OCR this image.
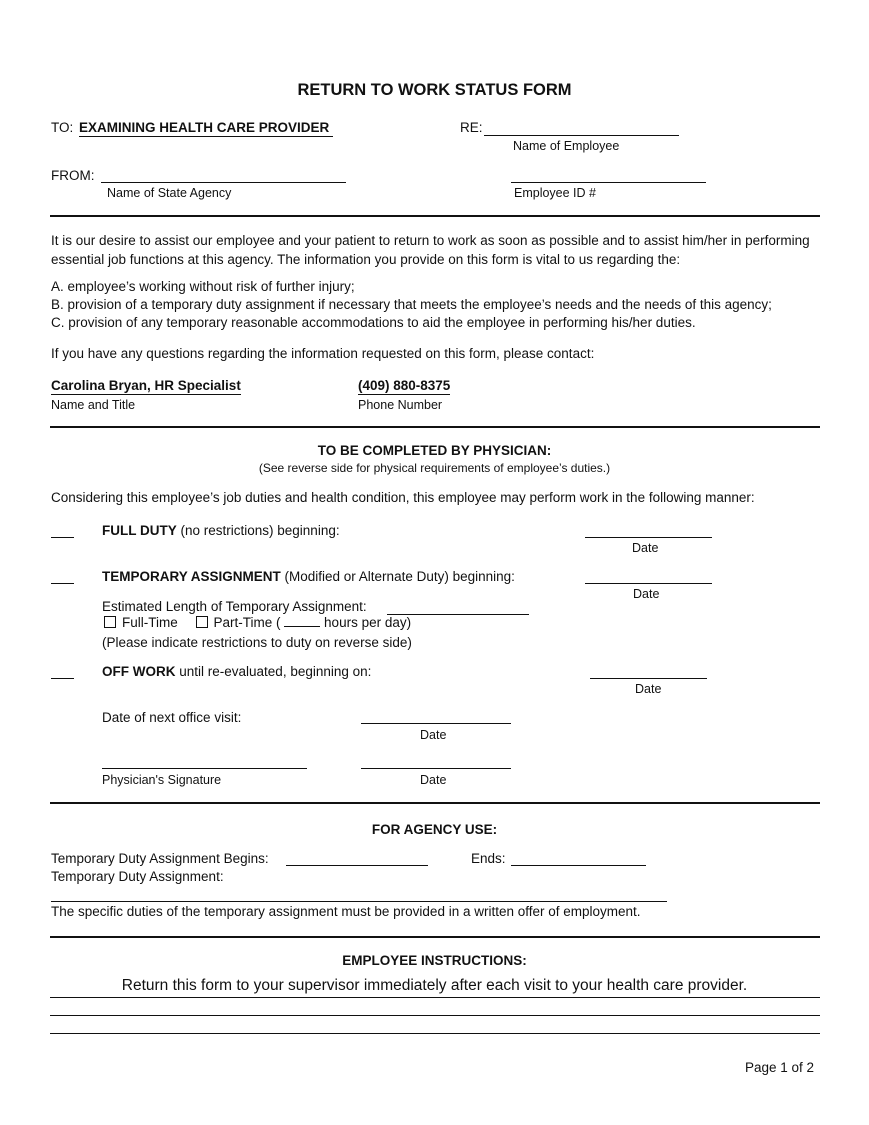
RETURN TO WORK STATUS FORM
TO: EXAMINING HEALTH CARE PROVIDER	RE:
Name of Employee
FROM:
Name of State Agency	Employee ID #
It is our desire to assist our employee and your patient to return to work as soon as possible and to assist him/her in performing essential job functions at this agency. The information you provide on this form is vital to us regarding the:
A. employee’s working without risk of further injury;
B. provision of a temporary duty assignment if necessary that meets the employee’s needs and the needs of this agency;
C. provision of any temporary reasonable accommodations to aid the employee in performing his/her duties.
If you have any questions regarding the information requested on this form, please contact:
Carolina Bryan, HR Specialist
Name and Title
(409) 880-8375
Phone Number
TO BE COMPLETED BY PHYSICIAN:
(See reverse side for physical requirements of employee’s duties.)
Considering this employee’s job duties and health condition, this employee may perform work in the following manner:
FULL DUTY (no restrictions) beginning:
Date
TEMPORARY ASSIGNMENT (Modified or Alternate Duty) beginning:
Date
Estimated Length of Temporary Assignment:
Full-Time	Part-Time (	hours per day)
(Please indicate restrictions to duty on reverse side)
OFF WORK until re-evaluated, beginning on:
Date
Date of next office visit:
Date
Physician's Signature	Date
FOR AGENCY USE:
Temporary Duty Assignment Begins:	Ends:
Temporary Duty Assignment:
The specific duties of the temporary assignment must be provided in a written offer of employment.
EMPLOYEE INSTRUCTIONS:
Return this form to your supervisor immediately after each visit to your health care provider.
Page 1 of 2
